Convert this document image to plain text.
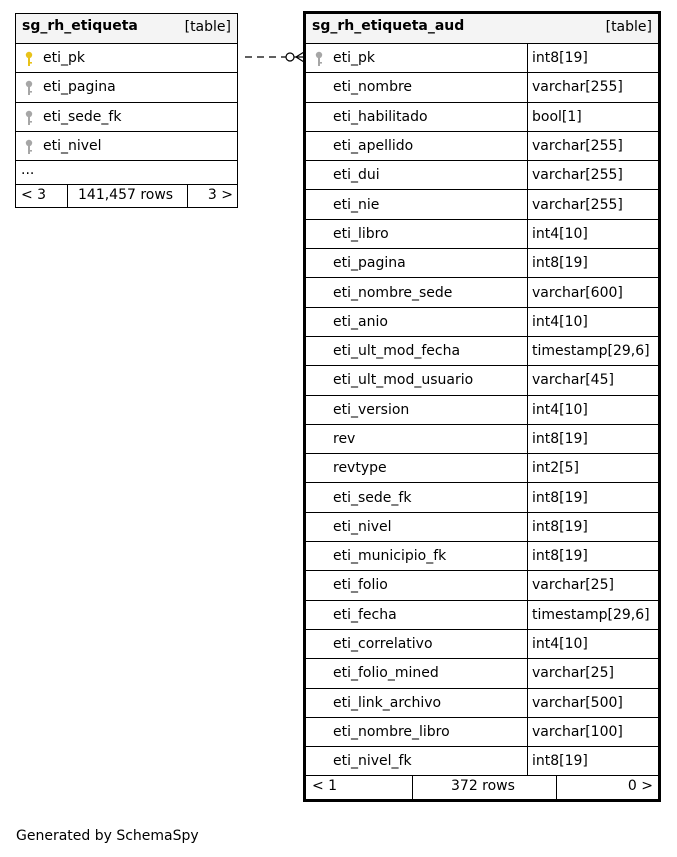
sg_rh_etiqueta	[table]
eti_pk
eti_pagina
eti_sede_fk
eti_nivel
...
< 3 141,457 rows 3 >
sg_rh_etiqueta_aud	[table]
eti_pk	int8[19]
eti_nombre	varchar[255]
eti_habilitado	bool[1]
eti_apellido	varchar[255]
eti_dui	varchar[255]
eti_nie	varchar[255]
eti_libro	int4[10]
eti_pagina	int8[19]
eti_nombre_sede	varchar[600]
eti_anio	int4[10]
eti_ult_mod_fecha	timestamp[29,6]
eti_ult_mod_usuario	varchar[45]
eti_version	int4[10]
rev	int8[19]
revtype	int2[5]
eti_sede_fk	int8[19]
eti_nivel	int8[19]
eti_municipio_fk	int8[19]
eti_folio	varchar[25]
eti_fecha	timestamp[29,6]
eti_correlativo	int4[10]
eti_folio_mined	varchar[25]
eti_link_archivo	varchar[500]
eti_nombre_libro	varchar[100]
eti_nivel_fk	int8[19]
< 1	372 rows	0 >
Generated by SchemaSpy
